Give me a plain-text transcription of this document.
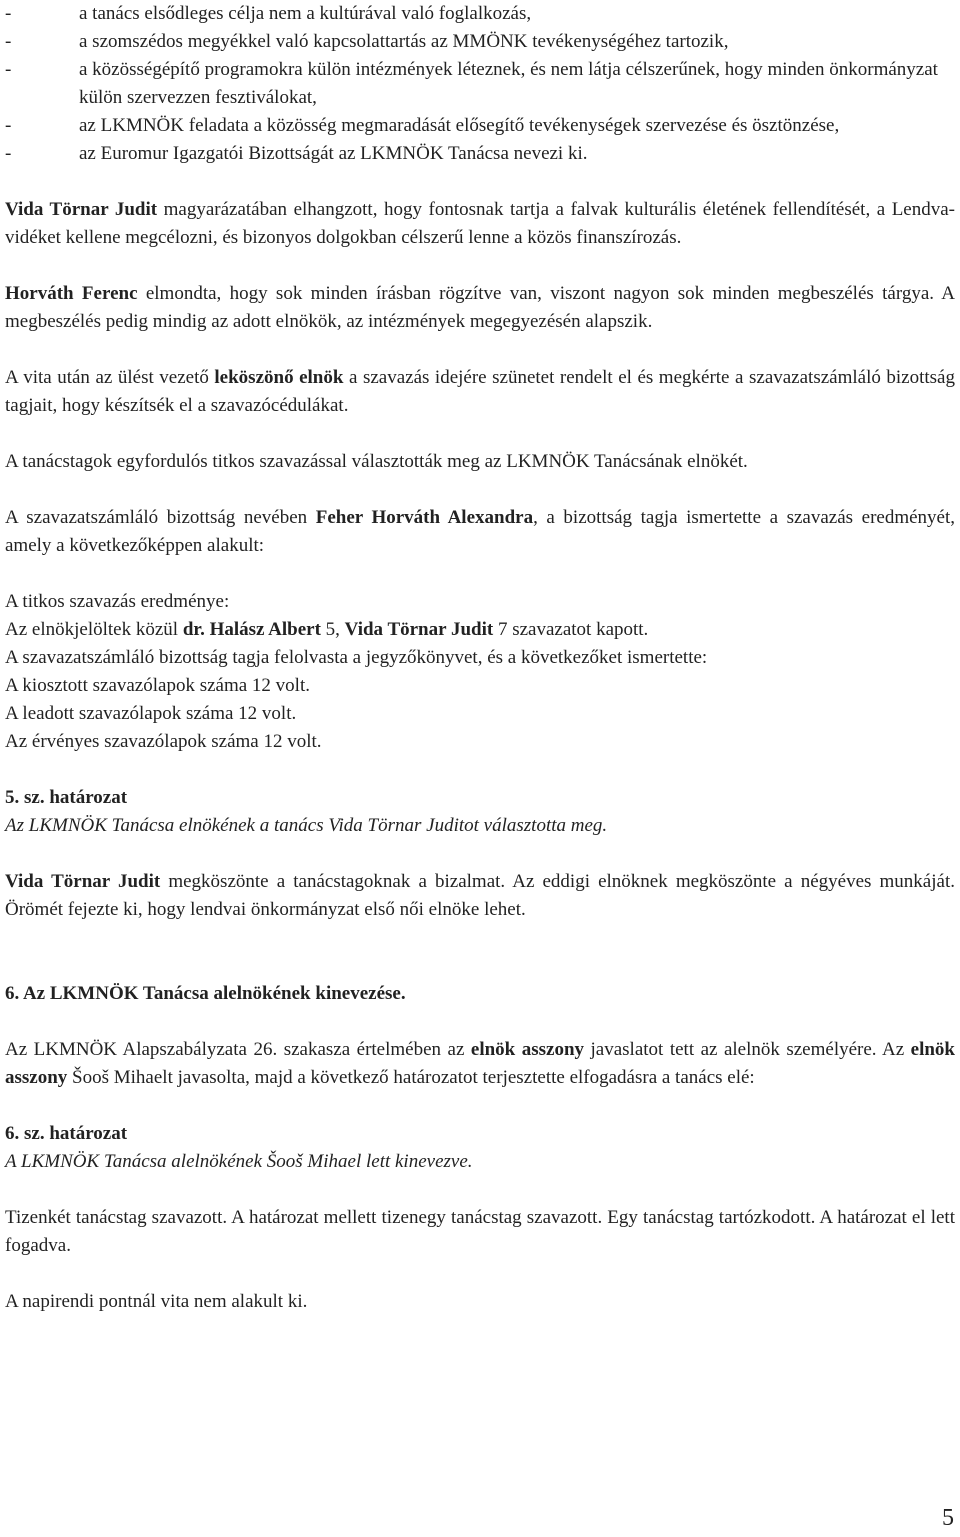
-	a tanács elsődleges célja nem a kultúrával való foglalkozás,
-	a szomszédos megyékkel való kapcsolattartás az MMÖNK tevékenységéhez tartozik,
-	a közösségépítő programokra külön intézmények léteznek, és nem látja célszerűnek, hogy minden önkormányzat külön szervezzen fesztiválokat,
-	az LKMNÖK feladata a közösség megmaradását elősegítő tevékenységek szervezése és ösztönzése,
-	az Euromur Igazgatói Bizottságát az LKMNÖK Tanácsa nevezi ki.

Vida Törnar Judit magyarázatában elhangzott, hogy fontosnak tartja a falvak kulturális életének fellendítését, a Lendva-vidéket kellene megcélozni, és bizonyos dolgokban célszerű lenne a közös finanszírozás.

Horváth Ferenc elmondta, hogy sok minden írásban rögzítve van, viszont nagyon sok minden megbeszélés tárgya. A megbeszélés pedig mindig az adott elnökök, az intézmények megegyezésén alapszik.

A vita után az ülést vezető leköszönő elnök a szavazás idejére szünetet rendelt el és megkérte a szavazatszámláló bizottság tagjait, hogy készítsék el a szavazócédulákat.

A tanácstagok egyfordulós titkos szavazással választották meg az LKMNÖK Tanácsának elnökét.

A szavazatszámláló bizottság nevében Feher Horváth Alexandra, a bizottság tagja ismertette a szavazás eredményét, amely a következőképpen alakult:

A titkos szavazás eredménye:

Az elnökjelöltek közül dr. Halász Albert 5, Vida Törnar Judit 7 szavazatot kapott.

A szavazatszámláló bizottság tagja felolvasta a jegyzőkönyvet, és a következőket ismertette:

A kiosztott szavazólapok száma 12 volt.

A leadott szavazólapok száma 12 volt.

Az érvényes szavazólapok száma 12 volt.

5. sz. határozat

Az LKMNÖK Tanácsa elnökének a tanács Vida Törnar Juditot választotta meg.

Vida Törnar Judit megköszönte a tanácstagoknak a bizalmat. Az eddigi elnöknek megköszönte a négyéves munkáját. Örömét fejezte ki, hogy lendvai önkormányzat első női elnöke lehet.

6. Az LKMNÖK Tanácsa alelnökének kinevezése.

Az LKMNÖK Alapszabályzata 26. szakasza értelmében az elnök asszony javaslatot tett az alelnök személyére. Az elnök asszony Šooš Mihaelt javasolta, majd a következő határozatot terjesztette elfogadásra a tanács elé:

6. sz. határozat

A LKMNÖK Tanácsa alelnökének Šooš Mihael lett kinevezve.

Tizenkét tanácstag szavazott. A határozat mellett tizenegy tanácstag szavazott. Egy tanácstag tartózkodott. A határozat el lett fogadva.

A napirendi pontnál vita nem alakult ki.

5
